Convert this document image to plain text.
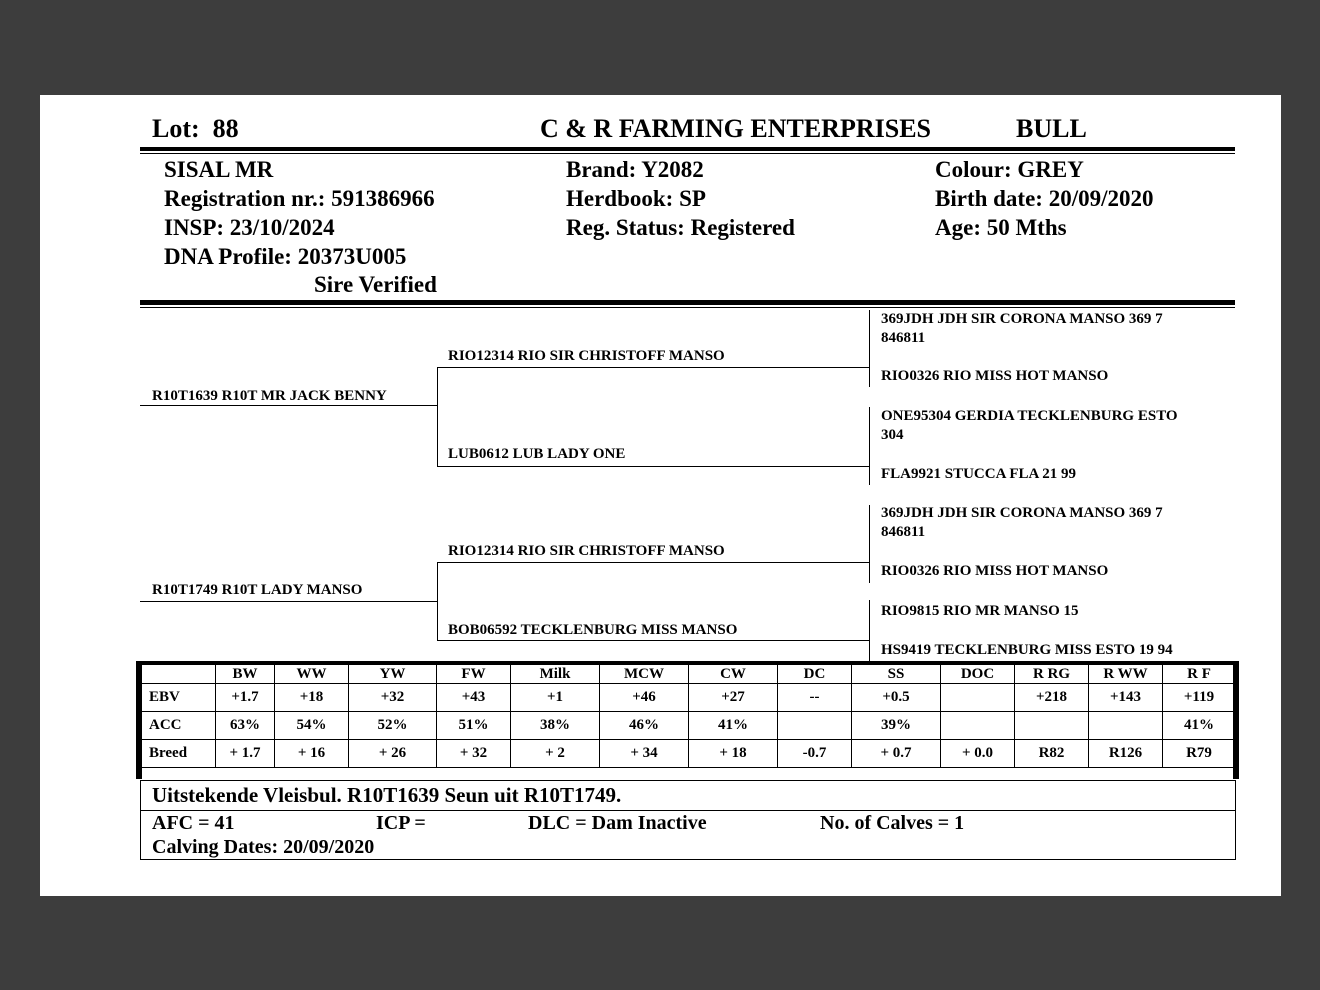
Lot: 88	C & R FARMING ENTERPRISES	BULL
SISAL MR
Registration nr.: 591386966
INSP: 23/10/2024
DNA Profile: 20373U005
Sire Verified
Brand: Y2082
Herdbook: SP
Reg. Status: Registered
Colour: GREY
Birth date: 20/09/2020
Age: 50 Mths
R10T1639 R10T MR JACK BENNY
R10T1749 R10T LADY MANSO
RIO12314 RIO SIR CHRISTOFF MANSO
LUB0612 LUB LADY ONE
RIO12314 RIO SIR CHRISTOFF MANSO
BOB06592 TECKLENBURG MISS MANSO
369JDH JDH SIR CORONA MANSO 369 7
846811
RIO0326 RIO MISS HOT MANSO
ONE95304 GERDIA TECKLENBURG ESTO
304
FLA9921 STUCCA FLA 21 99
369JDH JDH SIR CORONA MANSO 369 7
846811
RIO0326 RIO MISS HOT MANSO
RIO9815 RIO MR MANSO 15
HS9419 TECKLENBURG MISS ESTO 19 94
	BW	WW	YW	FW	Milk	MCW	CW	DC	SS	DOC	R RG	R WW	R F
EBV	+1.7	+18	+32	+43	+1	+46	+27	--	+0.5		+218	+143	+119
ACC	63%	54%	52%	51%	38%	46%	41%		39%				41%
Breed	+ 1.7	+ 16	+ 26	+ 32	+ 2	+ 34	+ 18	-0.7	+ 0.7	+ 0.0	R82	R126	R79
Uitstekende Vleisbul. R10T1639 Seun uit R10T1749.
AFC = 41	ICP =	DLC = Dam Inactive	No. of Calves = 1
Calving Dates: 20/09/2020
